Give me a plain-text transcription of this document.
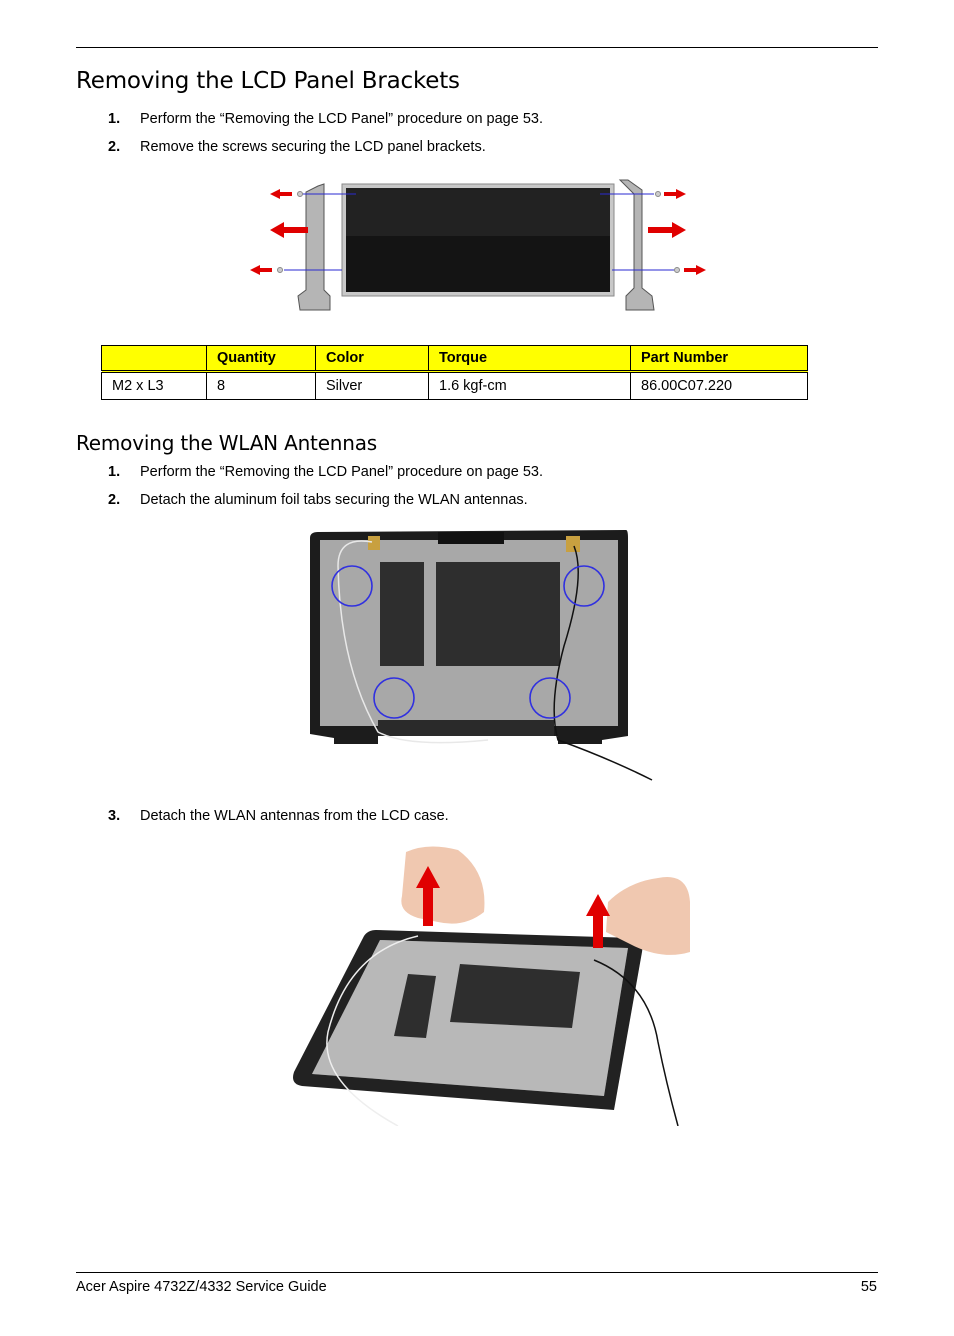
Removing the LCD Panel Brackets
1. Perform the “Removing the LCD Panel” procedure on page 53.
2. Remove the screws securing the LCD panel brackets.
	Quantity	Color	Torque	Part Number
M2 x L3	8	Silver	1.6 kgf-cm	86.00C07.220
Removing the WLAN Antennas
1. Perform the “Removing the LCD Panel” procedure on page 53.
2. Detach the aluminum foil tabs securing the WLAN antennas.
3. Detach the WLAN antennas from the LCD case.
Acer Aspire 4732Z/4332 Service Guide	55
